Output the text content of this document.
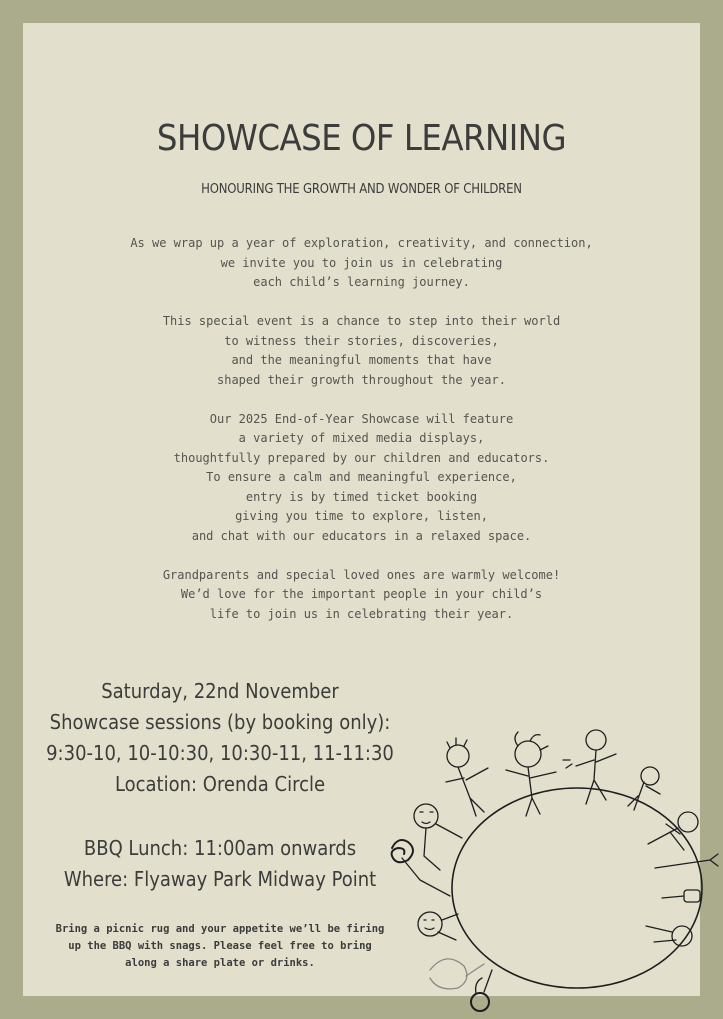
SHOWCASE OF LEARNING
HONOURING THE GROWTH AND WONDER OF CHILDREN

As we wrap up a year of exploration, creativity, and connection,
we invite you to join us in celebrating
each child’s learning journey.

This special event is a chance to step into their world
to witness their stories, discoveries,
and the meaningful moments that have
shaped their growth throughout the year.

Our 2025 End-of-Year Showcase will feature
a variety of mixed media displays,
thoughtfully prepared by our children and educators.
To ensure a calm and meaningful experience,
entry is by timed ticket booking
giving you time to explore, listen,
and chat with our educators in a relaxed space.

Grandparents and special loved ones are warmly welcome!
We’d love for the important people in your child’s
life to join us in celebrating their year.

Saturday, 22nd November
Showcase sessions (by booking only):
9:30-10, 10-10:30, 10:30-11, 11-11:30
Location: Orenda Circle
BBQ Lunch: 11:00am onwards
Where: Flyaway Park Midway Point
Bring a picnic rug and your appetite we’ll be firing
up the BBQ with snags. Please feel free to bring
along a share plate or drinks.
